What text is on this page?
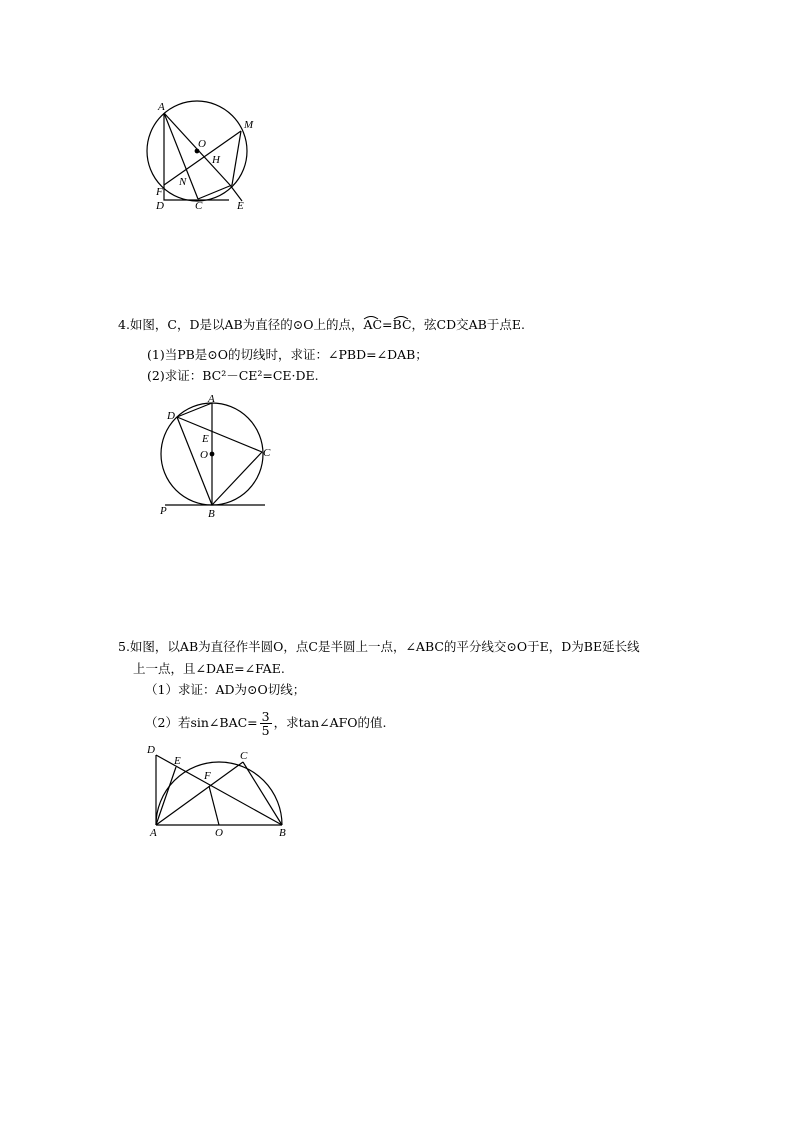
A
M
O
H
N
F
D	C	E
4.如图，C，D是以AB为直径的⊙O上的点，
AC=
BC，弦CD交AB于点E.
(1)当PB是⊙O的切线时，求证：∠PBD=∠DAB；
(2)求证：BC²－CE²=CE·DE.
A
D
E
O	C
P	B
5.如图，以AB为直径作半圆O，点C是半圆上一点，∠ABC的平分线交⊙O于E，D为BE延长线
上一点，且∠DAE=∠FAE.
（1）求证：AD为⊙O切线；
（2）若sin∠BAC= $\frac{3}{5}$ ，求tan∠AFO的值.
D
E	C
F
A	O	B
